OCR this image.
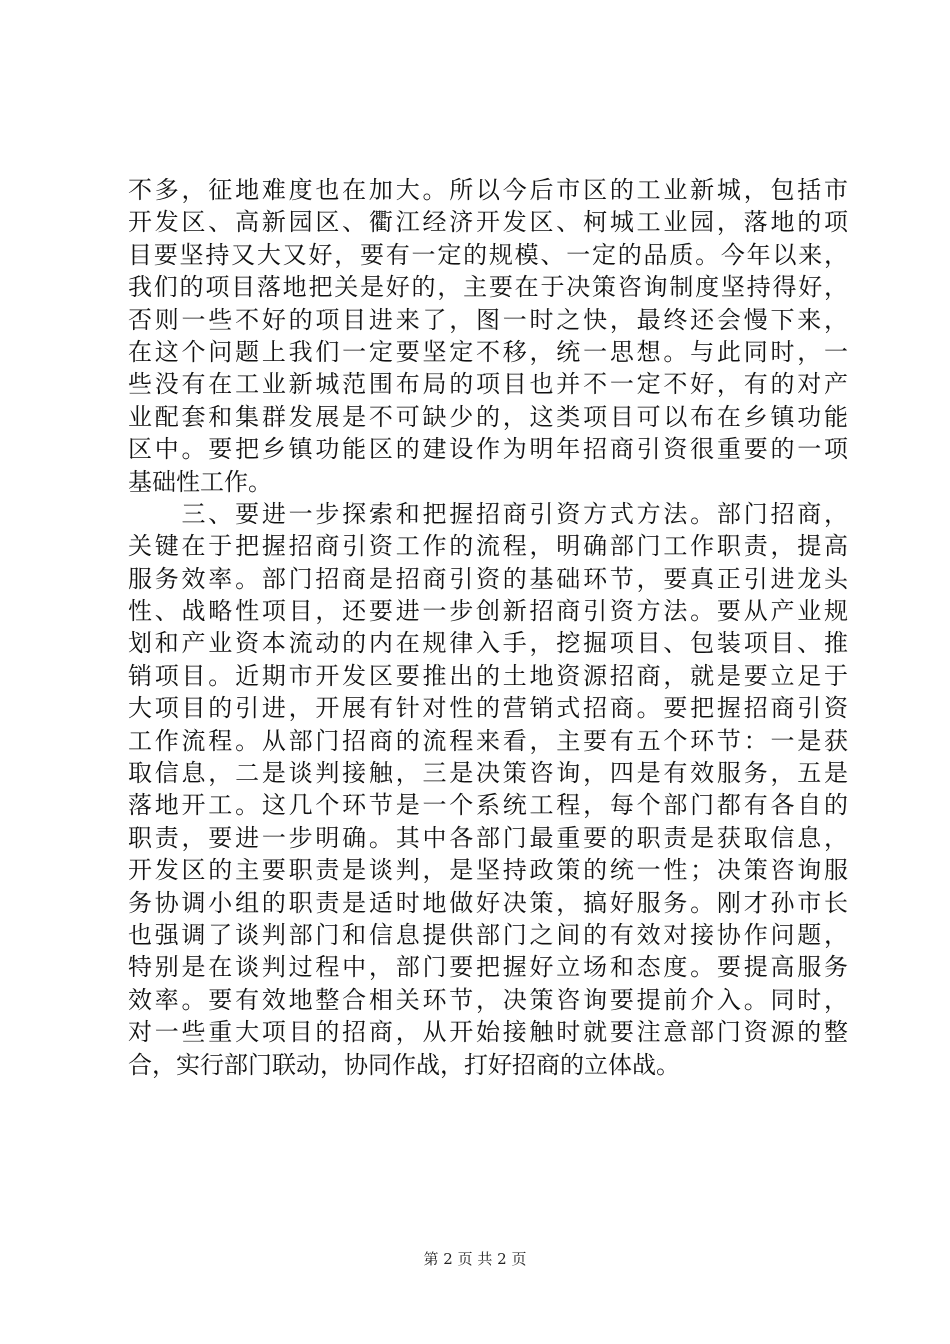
不多，征地难度也在加大。所以今后市区的工业新城，包括市
开发区、高新园区、衢江经济开发区、柯城工业园，落地的项
目要坚持又大又好，要有一定的规模、一定的品质。今年以来，
我们的项目落地把关是好的，主要在于决策咨询制度坚持得好，
否则一些不好的项目进来了，图一时之快，最终还会慢下来，
在这个问题上我们一定要坚定不移，统一思想。与此同时，一
些没有在工业新城范围布局的项目也并不一定不好，有的对产
业配套和集群发展是不可缺少的，这类项目可以布在乡镇功能
区中。要把乡镇功能区的建设作为明年招商引资很重要的一项
基础性工作。
　　三、要进一步探索和把握招商引资方式方法。部门招商，
关键在于把握招商引资工作的流程，明确部门工作职责，提高
服务效率。部门招商是招商引资的基础环节，要真正引进龙头
性、战略性项目，还要进一步创新招商引资方法。要从产业规
划和产业资本流动的内在规律入手，挖掘项目、包装项目、推
销项目。近期市开发区要推出的土地资源招商，就是要立足于
大项目的引进，开展有针对性的营销式招商。要把握招商引资
工作流程。从部门招商的流程来看，主要有五个环节：一是获
取信息，二是谈判接触，三是决策咨询，四是有效服务，五是
落地开工。这几个环节是一个系统工程，每个部门都有各自的
职责，要进一步明确。其中各部门最重要的职责是获取信息，
开发区的主要职责是谈判，是坚持政策的统一性；决策咨询服
务协调小组的职责是适时地做好决策，搞好服务。刚才孙市长
也强调了谈判部门和信息提供部门之间的有效对接协作问题，
特别是在谈判过程中，部门要把握好立场和态度。要提高服务
效率。要有效地整合相关环节，决策咨询要提前介入。同时，
对一些重大项目的招商，从开始接触时就要注意部门资源的整
合，实行部门联动，协同作战，打好招商的立体战。
第 2 页 共 2 页
